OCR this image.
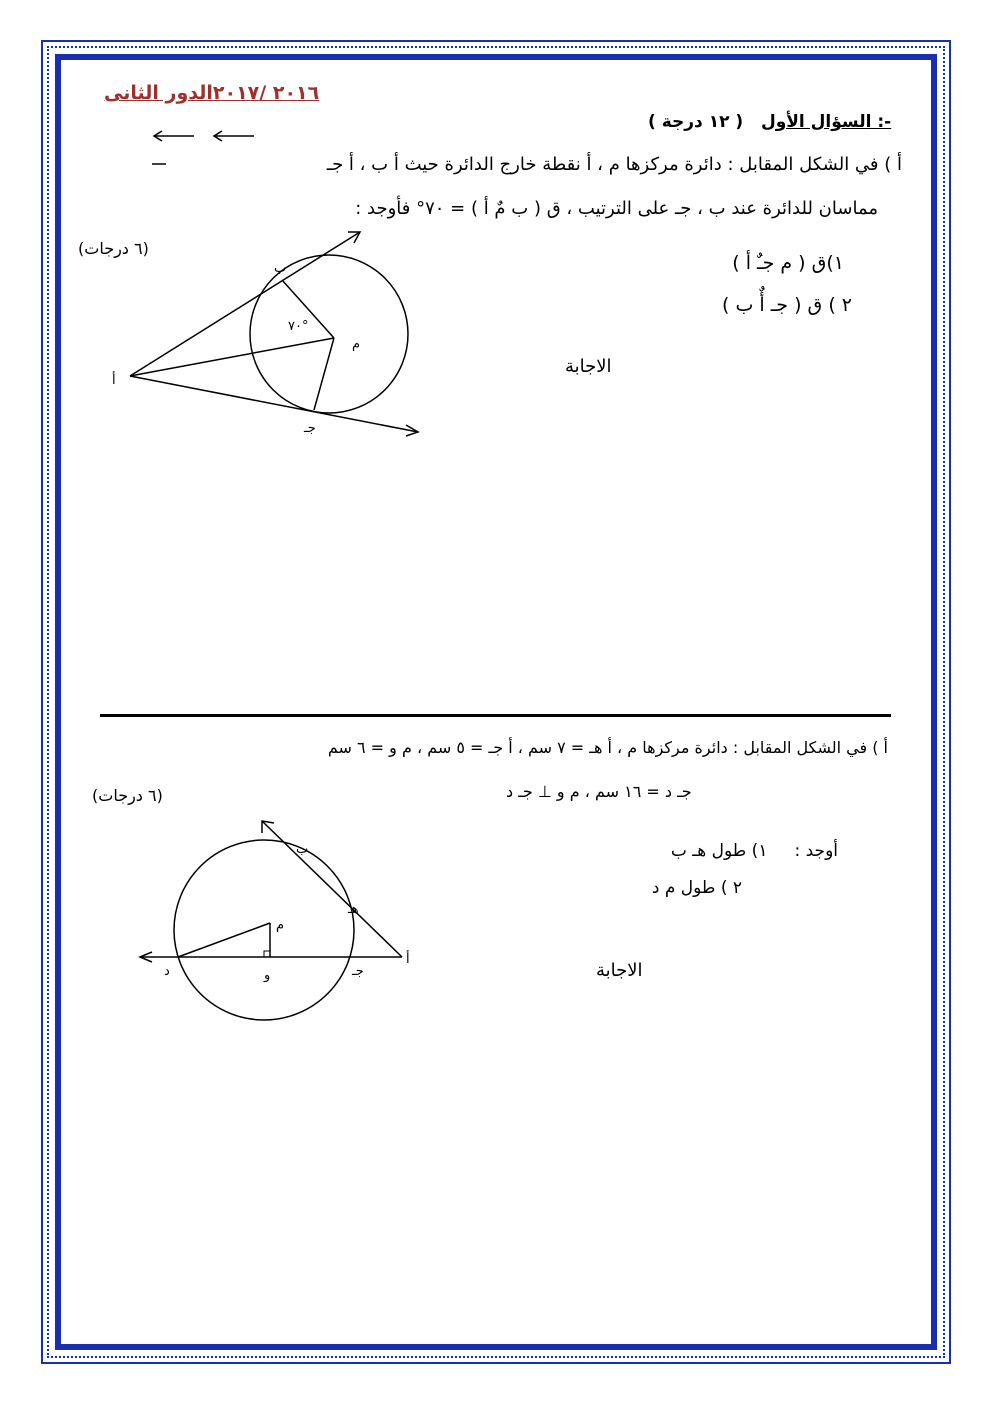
٢٠١٦ /٢٠١٧الدور الثانى
( ١٢ درجة ) السؤال الأول :-
أ ) في الشكل المقابل : دائرة مركزها م ، أ نقطة خارج الدائرة حيث أ ب ، أ جـ
مماسان للدائرة عند ب ، جـ على الترتيب ، ق ( ب مٌ أ ) = ٧٠° فأوجد :
(٦ درجات)
١)ق ( م جـٌ أ )
٢ ) ق ( جـ أٌ ب )
الاجابة
أ
ب
جـ
م
٧٠°
أ ) في الشكل المقابل : دائرة مركزها م ، أ هـ = ٧ سم ، أ جـ = ٥ سم ، م و = ٦ سم
جـ د = ١٦ سم ، م و ⊥ جـ د
(٦ درجات)
أوجد :     ١) طول هـ ب
٢ ) طول م د
الاجابة
أ
ب
هـ
جـ
د	و
م
